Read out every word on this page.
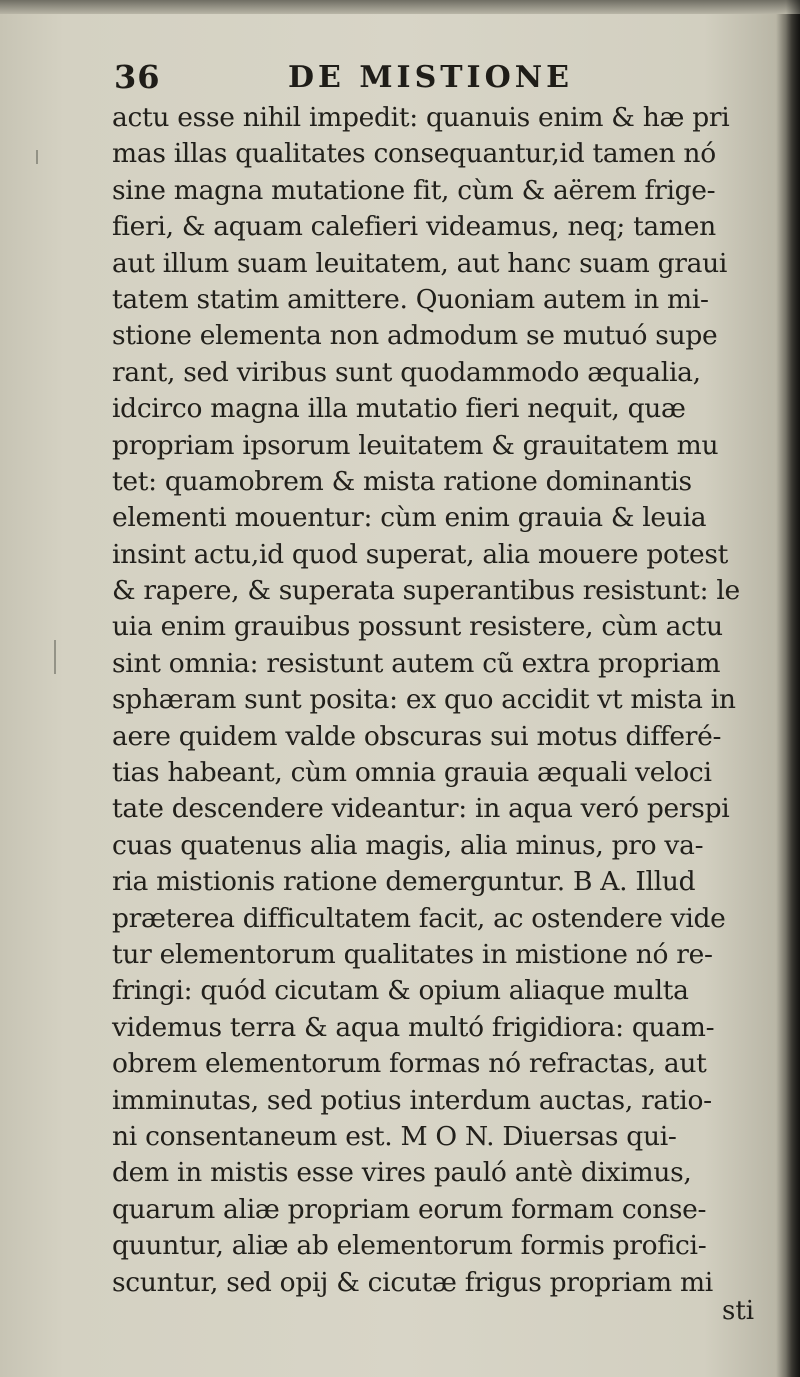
36	DE MISTIONE
actu esse nihil impedit: quanuis enim & hæ pri
mas illas qualitates consequantur,id tamen nó
sine magna mutatione fit, cùm & aërem frige-
fieri, & aquam calefieri videamus, neq; tamen
aut illum suam leuitatem, aut hanc suam graui
tatem statim amittere. Quoniam autem in mi-
stione elementa non admodum se mutuó supe
rant, sed viribus sunt quodammodo æqualia,
idcirco magna illa mutatio fieri nequit, quæ
propriam ipsorum leuitatem & grauitatem mu
tet: quamobrem & mista ratione dominantis
elementi mouentur: cùm enim grauia & leuia
insint actu,id quod superat, alia mouere potest
& rapere, & superata superantibus resistunt: le
uia enim grauibus possunt resistere, cùm actu
sint omnia: resistunt autem cũ extra propriam
sphæram sunt posita: ex quo accidit vt mista in
aere quidem valde obscuras sui motus differé-
tias habeant, cùm omnia grauia æquali veloci
tate descendere videantur: in aqua veró perspi
cuas quatenus alia magis, alia minus, pro va-
ria mistionis ratione demerguntur. B A. Illud
præterea difficultatem facit, ac ostendere vide
tur elementorum qualitates in mistione nó re-
fringi: quód cicutam & opium aliaque multa
videmus terra & aqua multó frigidiora: quam-
obrem elementorum formas nó refractas, aut
imminutas, sed potius interdum auctas, ratio-
ni consentaneum est. M O N. Diuersas qui-
dem in mistis esse vires pauló antè diximus,
quarum aliæ propriam eorum formam conse-
quuntur, aliæ ab elementorum formis profici-
scuntur, sed opij & cicutæ frigus propriam mi
sti
